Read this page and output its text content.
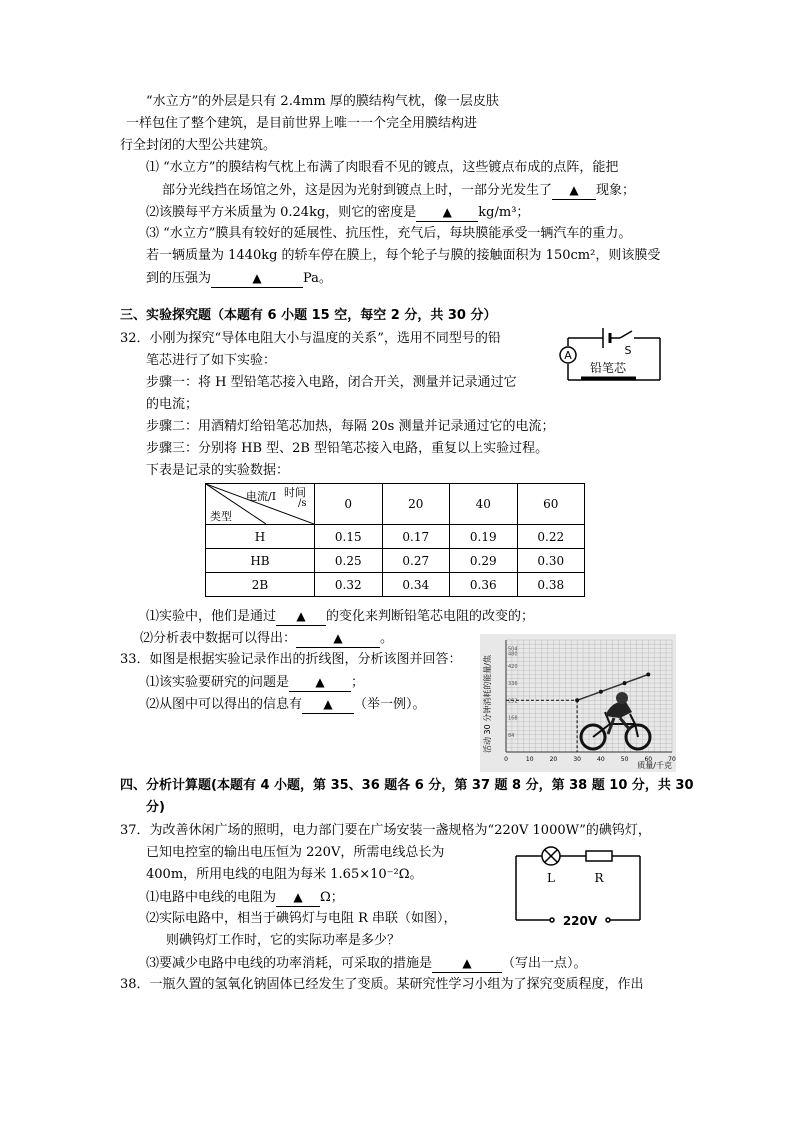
“水立方”的外层是只有 2.4mm 厚的膜结构气枕，像一层皮肤
一样包住了整个建筑，是目前世界上唯一一个完全用膜结构进
行全封闭的大型公共建筑。
⑴ “水立方”的膜结构气枕上布满了肉眼看不见的镀点，这些镀点布成的点阵，能把
部分光线挡在场馆之外，这是因为光射到镀点上时，一部分光发生了 ▲ 现象；
⑵该膜每平方米质量为 0.24kg，则它的密度是 ▲ kg/m³；
⑶ “水立方”膜具有较好的延展性、抗压性，充气后，每块膜能承受一辆汽车的重力。
若一辆质量为 1440kg 的轿车停在膜上，每个轮子与膜的接触面积为 150cm²，则该膜受
到的压强为	▲	Pa。
三、实验探究题（本题有 6 小题 15 空，每空 2 分，共 30 分）
32．小刚为探究“导体电阻大小与温度的关系”，选用不同型号的铅
笔芯进行了如下实验：
步骤一：将 H 型铅笔芯接入电路，闭合开关，测量并记录通过它
的电流；
步骤二：用酒精灯给铅笔芯加热，每隔 20s 测量并记录通过它的电流；
步骤三：分别将 HB 型、2B 型铅笔芯接入电路，重复以上实验过程。
下表是记录的实验数据：
A	S
铅笔芯
电流/I 时间
/s
类型	0	20	40	60
H	0.15	0.17	0.19	0.22
HB	0.25	0.27	0.29	0.30
2B	0.32	0.34	0.36	0.38
⑴实验中，他们是通过 ▲ 的变化来判断铅笔芯电阻的改变的；
⑵分析表中数据可以得出：	▲	。
33．如图是根据实验记录作出的折线图，分析该图并回答：
⑴该实验要研究的问题是 ▲ ；
⑵从图中可以得出的信息有 ▲ （举一例）。
0	10	20	30	40	50	60	70
504
480
420
336
252
168
84
活动 30 分钟消耗的能量/焦
质量/千克
四、分析计算题(本题有 4 小题，第 35、36 题各 6 分，第 37 题 8 分，第 38 题 10 分，共 30
分)
37．为改善休闲广场的照明，电力部门要在广场安装一盏规格为“220V 1000W”的碘钨灯，
已知电控室的输出电压恒为 220V，所需电线总长为
400m，所用电线的电阻为每米 1.65×10⁻²Ω。
⑴电路中电线的电阻为 ▲ Ω；
⑵实际电路中，相当于碘钨灯与电阻 R 串联（如图），
则碘钨灯工作时，它的实际功率是多少？
⑶要减少电路中电线的功率消耗，可采取的措施是	▲ （写出一点）。
L	R
220V
38．一瓶久置的氢氧化钠固体已经发生了变质。某研究性学习小组为了探究变质程度，作出
